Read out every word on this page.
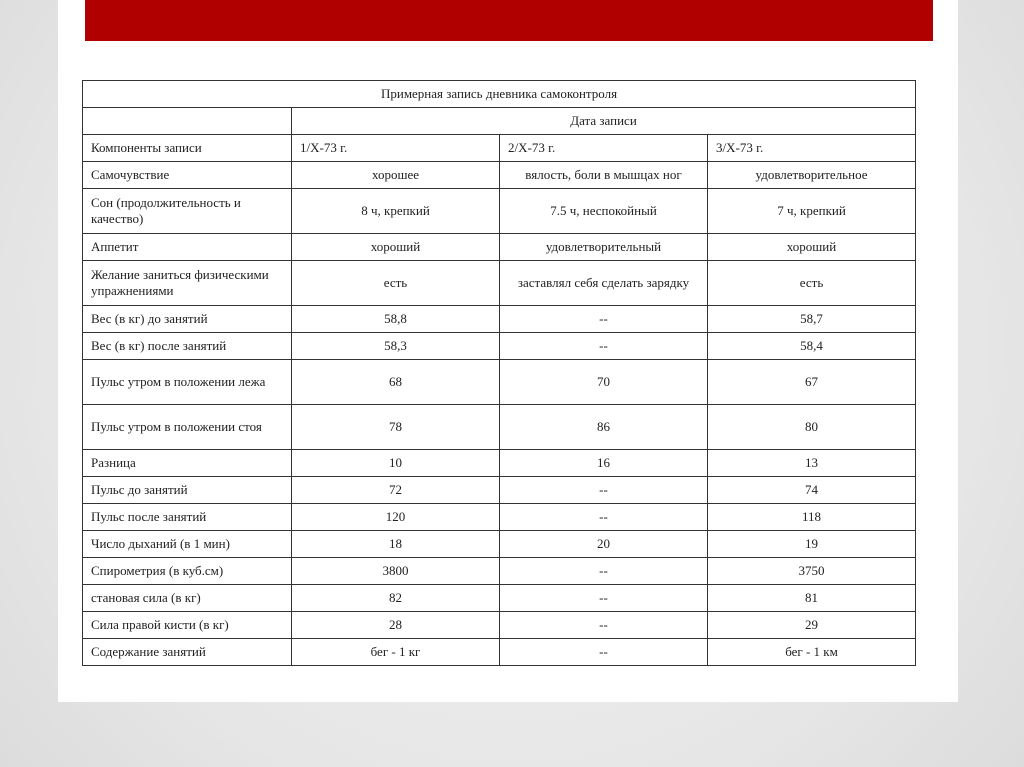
Примерная запись дневника самоконтроля			
	Дата записи		
Компоненты записи	1/X-73 г.	2/X-73 г.	3/X-73 г.
Самочувствие	хорошее	вялость, боли в мышцах ног	удовлетворительное
Сон (продолжительность и качество)	8 ч, крепкий	7.5 ч, неспокойный	7 ч, крепкий
Аппетит	хороший	удовлетворительный	хороший
Желание заниться физическими упражнениями	есть	заставлял себя сделать зарядку	есть
Вес (в кг) до занятий	58,8	--	58,7
Вес (в кг) после занятий	58,3	--	58,4
Пульс утром в положении лежа	68	70	67
Пульс утром в положении стоя	78	86	80
Разница	10	16	13
Пульс до занятий	72	--	74
Пульс после занятий	120	--	118
Число дыханий (в 1 мин)	18	20	19
Спирометрия (в куб.см)	3800	--	3750
становая сила (в кг)	82	--	81
Сила правой кисти (в кг)	28	--	29
Содержание занятий	бег - 1 кг	--	бег - 1 км
